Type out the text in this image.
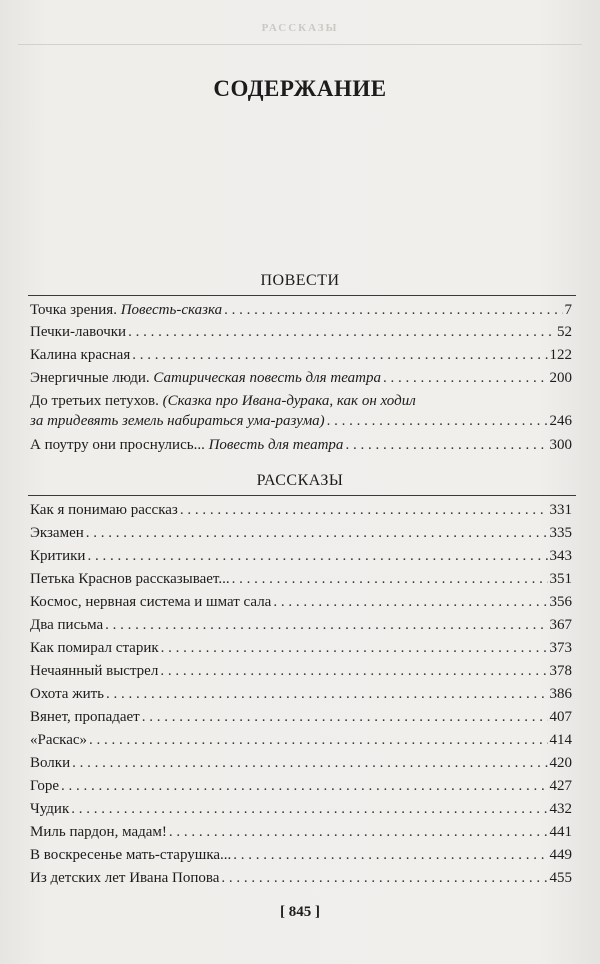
РАССКАЗЫ
СОДЕРЖАНИЕ
ПОВЕСТИ
Точка зрения.
Повесть-сказка . . .	7
Печки-лавочки . . .	52
Калина красная . . .	122
Энергичные люди.
Сатирическая повесть для театра . . .	200
До третьих петухов.
(Сказка про Ивана-дурака, как он ходил
за тридевять земель набираться ума-разума) . . .	246
А поутру они проснулись...
Повесть для театра . . .	300
РАССКАЗЫ
Как я понимаю рассказ . . .	331
Экзамен . . .	335
Критики . . .	343
Петька Краснов рассказывает... . . .	351
Космос, нервная система и шмат сала . . .	356
Два письма . . .	367
Как помирал старик . . .	373
Нечаянный выстрел . . .	378
Охота жить . . .	386
Вянет, пропадает . . .	407
«Раскас» . . .	414
Волки . . .	420
Горе . . .	427
Чудик . . .	432
Миль пардон, мадам! . . .	441
В воскресенье мать-старушка... . . .	449
Из детских лет Ивана Попова . . .	455
[ 845 ]
